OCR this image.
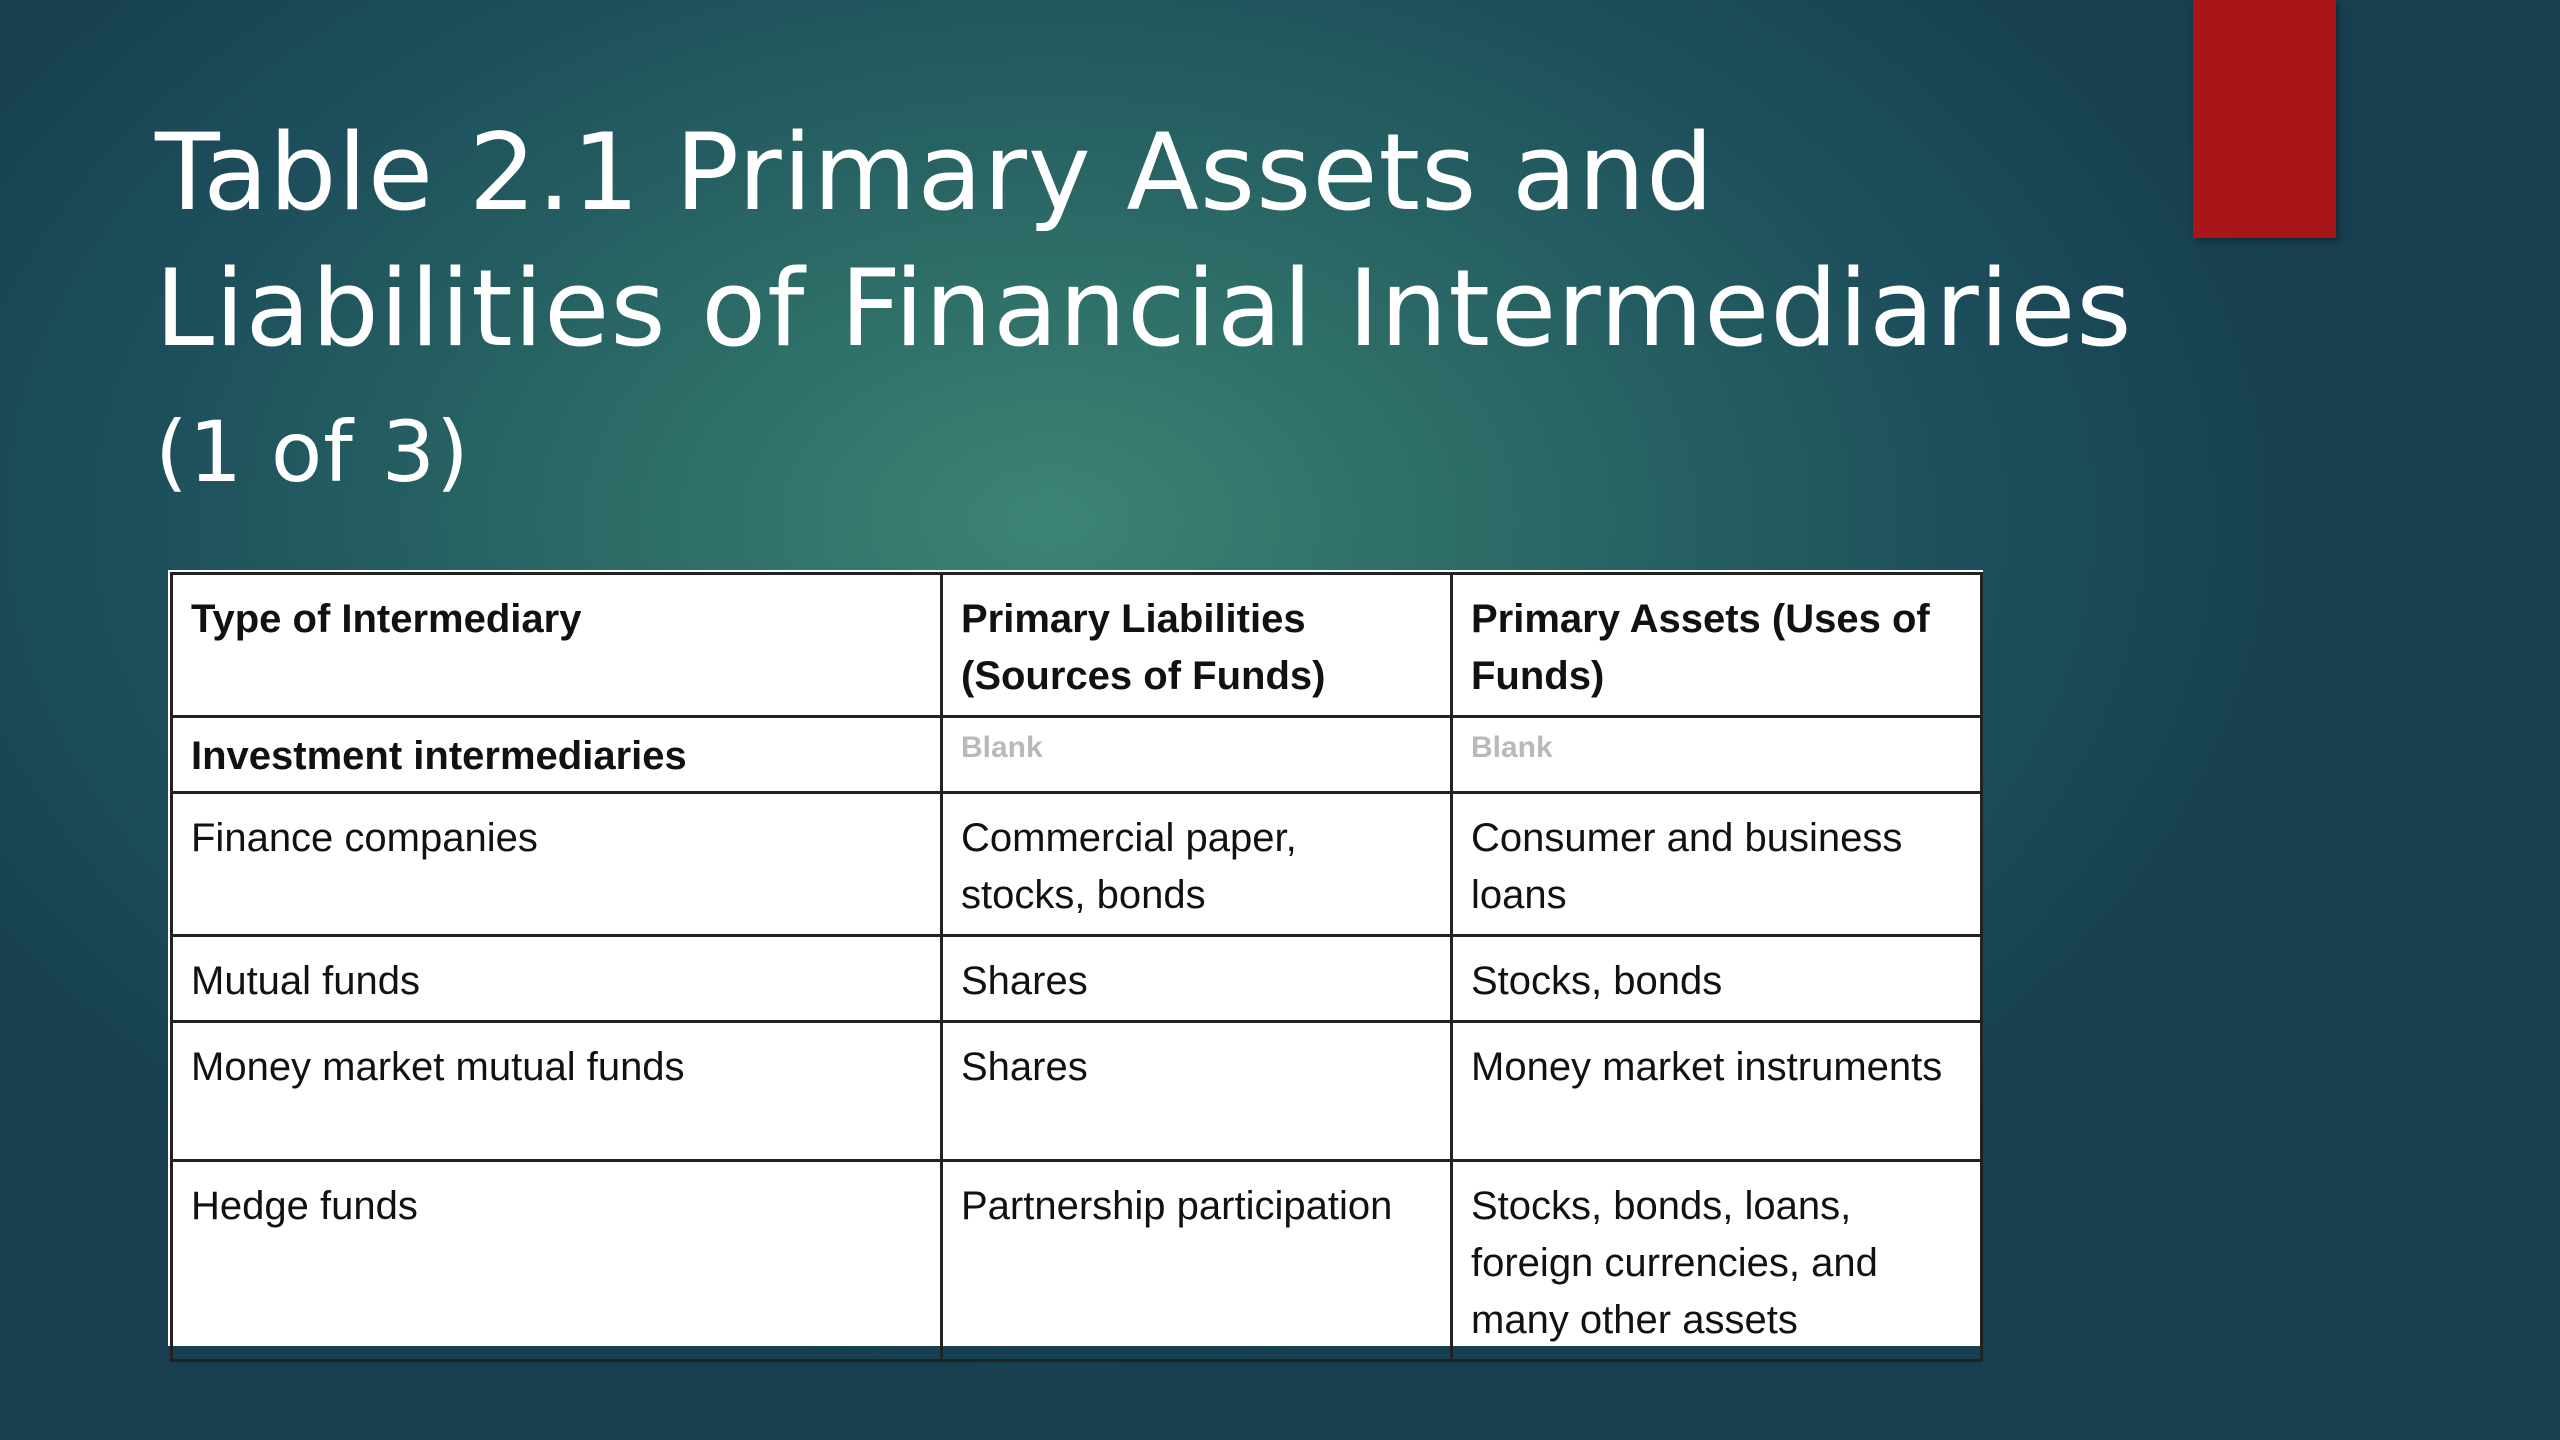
Table 2.1 Primary Assets and Liabilities of Financial Intermediaries (1 of 3)
Type of Intermediary	Primary Liabilities (Sources of Funds)	Primary Assets (Uses of Funds)
Investment intermediaries	Blank	Blank
Finance companies	Commercial paper, stocks, bonds	Consumer and business loans
Mutual funds	Shares	Stocks, bonds
Money market mutual funds	Shares	Money market instruments
Hedge funds	Partnership participation	Stocks, bonds, loans, foreign currencies, and many other assets
